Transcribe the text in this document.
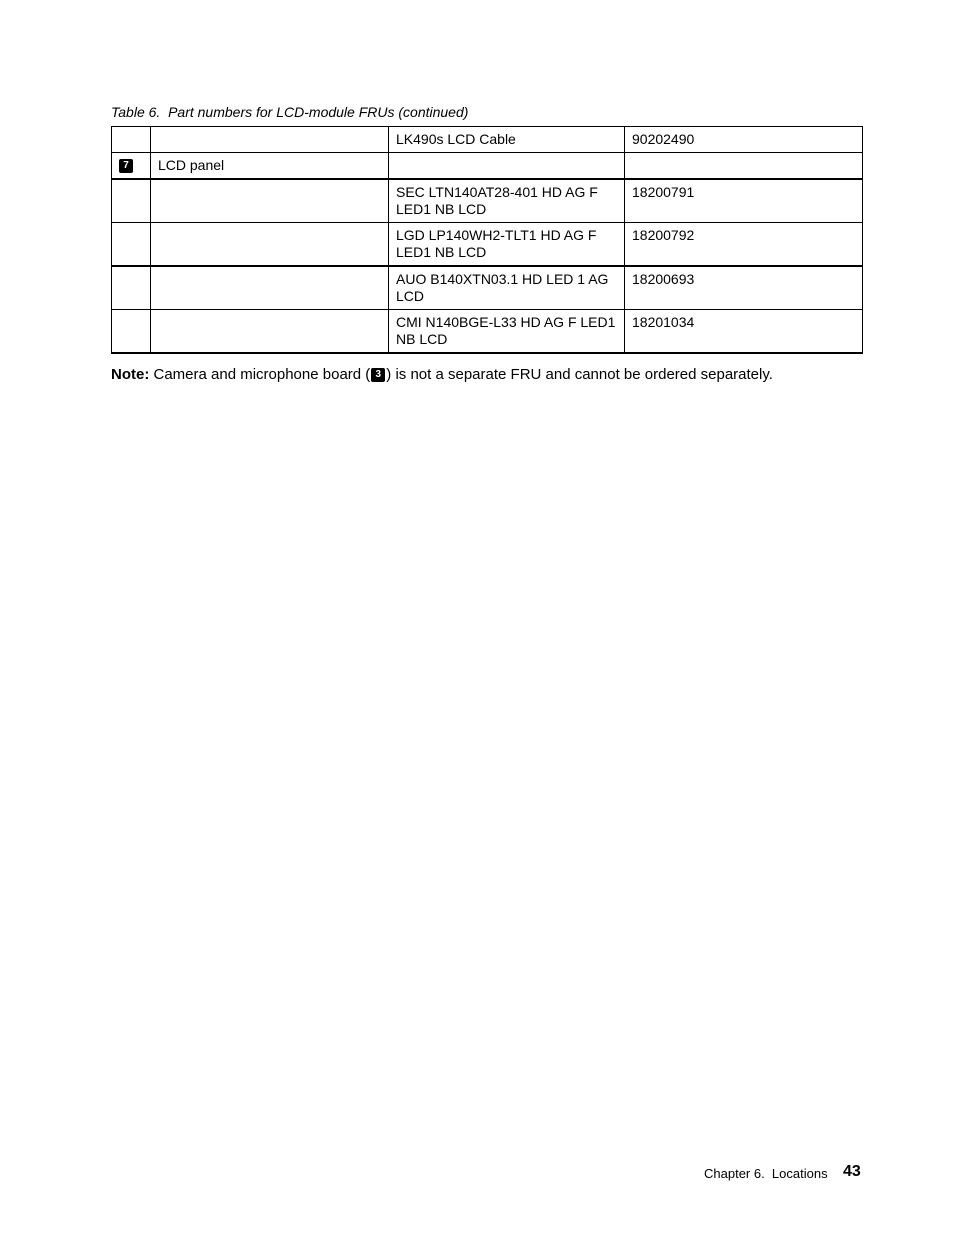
Table 6.  Part numbers for LCD-module FRUs (continued)
		LK490s LCD Cable	90202490
7	LCD panel		
		SEC LTN140AT28-401 HD AG F LED1 NB LCD	18200791
		LGD LP140WH2-TLT1 HD AG F LED1 NB LCD	18200792
		AUO B140XTN03.1 HD LED 1 AG LCD	18200693
		CMI N140BGE-L33 HD AG F LED1 NB LCD	18201034
Note: Camera and microphone board ( 3 ) is not a separate FRU and cannot be ordered separately.
Chapter 6.  Locations 43
